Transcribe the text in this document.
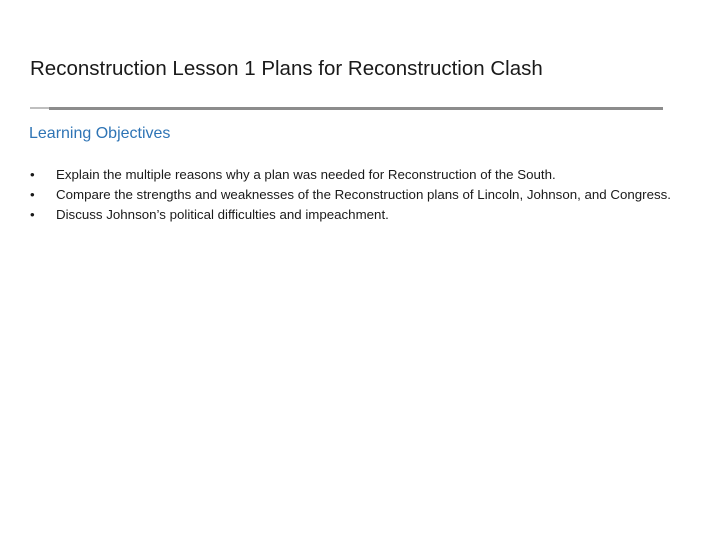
Reconstruction Lesson 1 Plans for Reconstruction Clash
Learning Objectives
• Explain the multiple reasons why a plan was needed for Reconstruction of the South.
• Compare the strengths and weaknesses of the Reconstruction plans of Lincoln, Johnson, and Congress.
• Discuss Johnson’s political difficulties and impeachment.
